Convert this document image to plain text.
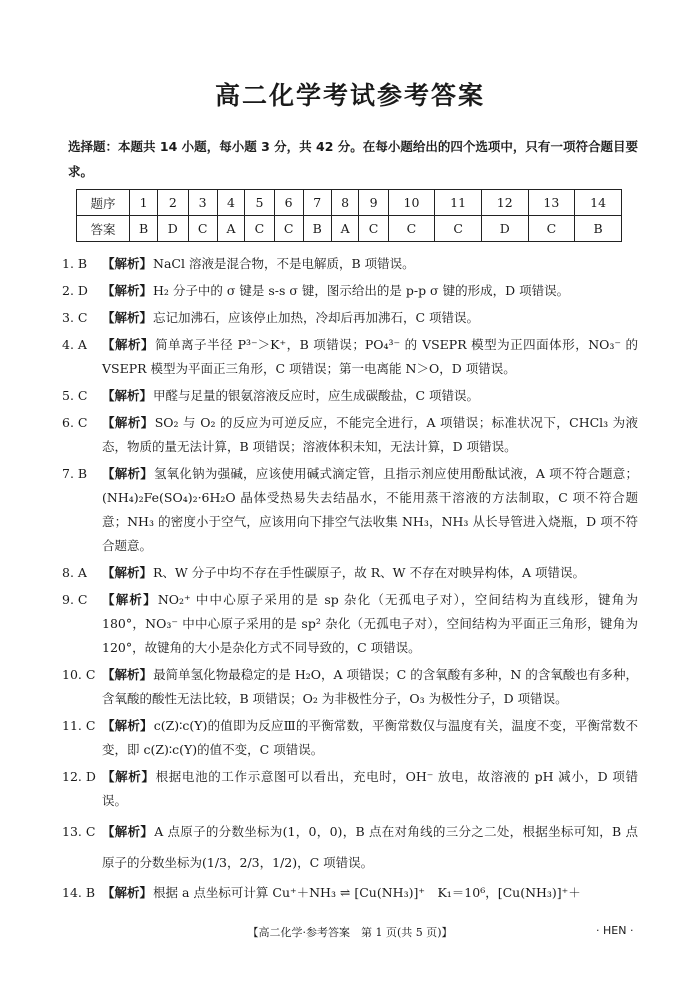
高二化学考试参考答案
选择题：本题共 14 小题，每小题 3 分，共 42 分。在每小题给出的四个选项中，只有一项符合题目要求。
题序	1	2	3	4	5	6	7	8	9	10	11	12	13	14
答案	B	D	C	A	C	C	B	A	C	C	C	D	C	B
1. B	【解析】NaCl 溶液是混合物，不是电解质，B 项错误。
2. D	【解析】H₂ 分子中的 σ 键是 s-s σ 键，图示给出的是 p-p σ 键的形成，D 项错误。
3. C	【解析】忘记加沸石，应该停止加热，冷却后再加沸石，C 项错误。
4. A	【解析】简单离子半径 P³⁻＞K⁺，B 项错误；PO₄³⁻ 的 VSEPR 模型为正四面体形，NO₃⁻ 的 VSEPR 模型为平面正三角形，C 项错误；第一电离能 N＞O，D 项错误。
5. C	【解析】甲醛与足量的银氨溶液反应时，应生成碳酸盐，C 项错误。
6. C	【解析】SO₂ 与 O₂ 的反应为可逆反应，不能完全进行，A 项错误；标准状况下，CHCl₃ 为液态，物质的量无法计算，B 项错误；溶液体积未知，无法计算，D 项错误。
7. B	【解析】氢氧化钠为强碱，应该使用碱式滴定管，且指示剂应使用酚酞试液，A 项不符合题意；(NH₄)₂Fe(SO₄)₂·6H₂O 晶体受热易失去结晶水，不能用蒸干溶液的方法制取，C 项不符合题意；NH₃ 的密度小于空气，应该用向下排空气法收集 NH₃，NH₃ 从长导管进入烧瓶，D 项不符合题意。
8. A	【解析】R、W 分子中均不存在手性碳原子，故 R、W 不存在对映异构体，A 项错误。
9. C	【解析】NO₂⁺ 中中心原子采用的是 sp 杂化（无孤电子对），空间结构为直线形，键角为 180°，NO₃⁻ 中中心原子采用的是 sp² 杂化（无孤电子对），空间结构为平面正三角形，键角为 120°，故键角的大小是杂化方式不同导致的，C 项错误。
10. C 【解析】最简单氢化物最稳定的是 H₂O，A 项错误；C 的含氧酸有多种，N 的含氧酸也有多种，含氧酸的酸性无法比较，B 项错误；O₂ 为非极性分子，O₃ 为极性分子，D 项错误。
11. C 【解析】c(Z)∶c(Y)的值即为反应Ⅲ的平衡常数，平衡常数仅与温度有关，温度不变，平衡常数不变，即 c(Z)∶c(Y)的值不变，C 项错误。
12. D 【解析】根据电池的工作示意图可以看出，充电时，OH⁻ 放电，故溶液的 pH 减小，D 项错误。
13. C 【解析】A 点原子的分数坐标为(1，0，0)，B 点在对角线的三分之二处，根据坐标可知，B 点原子的分数坐标为(1/3，2/3，1/2)，C 项错误。
14. B 【解析】根据 a 点坐标可计算 Cu⁺＋NH₃ ⇌ [Cu(NH₃)]⁺　K₁＝10⁶，[Cu(NH₃)]⁺＋
【高二化学·参考答案　第 1 页(共 5 页)】	· HEN ·
